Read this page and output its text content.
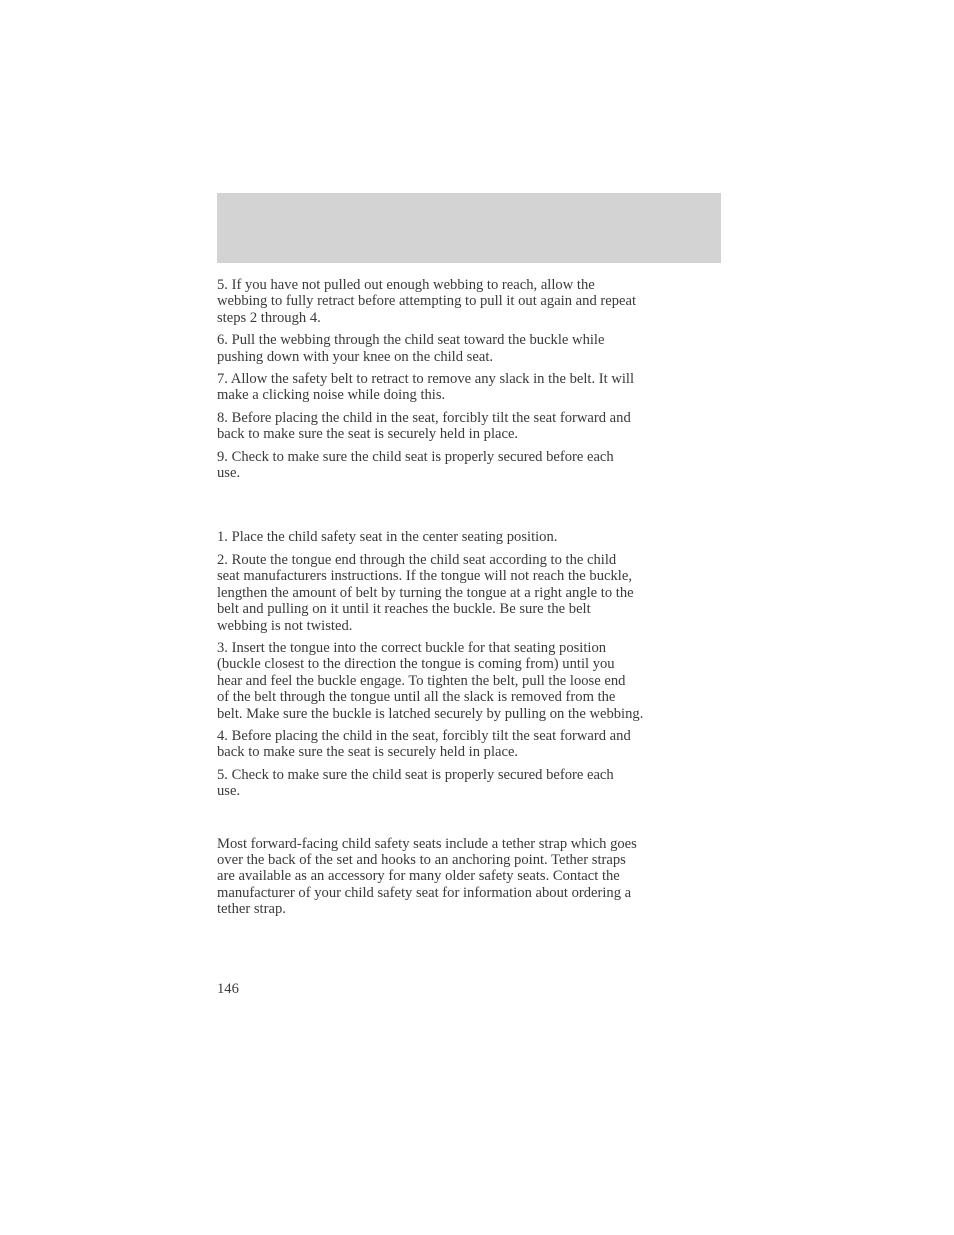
5. If you have not pulled out enough webbing to reach, allow the
webbing to fully retract before attempting to pull it out again and repeat
steps 2 through 4.

6. Pull the webbing through the child seat toward the buckle while
pushing down with your knee on the child seat.

7. Allow the safety belt to retract to remove any slack in the belt. It will
make a clicking noise while doing this.

8. Before placing the child in the seat, forcibly tilt the seat forward and
back to make sure the seat is securely held in place.

9. Check to make sure the child seat is properly secured before each
use.

1. Place the child safety seat in the center seating position.

2. Route the tongue end through the child seat according to the child
seat manufacturers instructions. If the tongue will not reach the buckle,
lengthen the amount of belt by turning the tongue at a right angle to the
belt and pulling on it until it reaches the buckle. Be sure the belt
webbing is not twisted.

3. Insert the tongue into the correct buckle for that seating position
(buckle closest to the direction the tongue is coming from) until you
hear and feel the buckle engage. To tighten the belt, pull the loose end
of the belt through the tongue until all the slack is removed from the
belt. Make sure the buckle is latched securely by pulling on the webbing.

4. Before placing the child in the seat, forcibly tilt the seat forward and
back to make sure the seat is securely held in place.

5. Check to make sure the child seat is properly secured before each
use.

Most forward-facing child safety seats include a tether strap which goes
over the back of the set and hooks to an anchoring point. Tether straps
are available as an accessory for many older safety seats. Contact the
manufacturer of your child safety seat for information about ordering a
tether strap.

146
